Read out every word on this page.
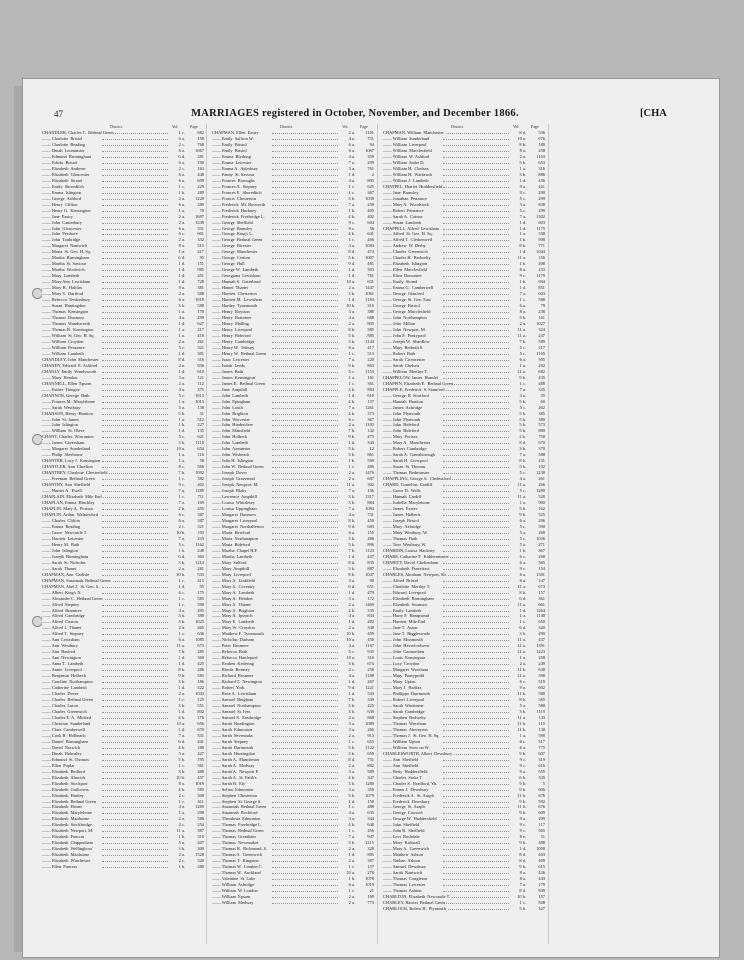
47	MARRIAGES registered in October, November, and December 1866.	[CHA
District.	Vol.	Page
CHANDLER, Charles T. Bethnal Green	1 c.	682
—— Charlotte Bristol	6 a.	158
—— Charlotte Reading	2 c.	768
—— Dinah Leominster	6 a.	1067
—— Edmund Birmingham	6 d.	281
—— Edwin Bristol	6 a.	190
—— Elizabeth Andover	2 c.	163
—— Elizabeth Gloucester	6 a.	448
—— Elizabeth Stroud	6 a.	609
—— Emily Shoreditch	1 c.	229
—— Emma Islington	1 b.	289
—— George Ashford	2 a.	1220
—— Henry Clifton	6 a.	289
—— Henry G. Kensington	1 a.	70
—— Jane Eastry	2 a.	1697
—— John Canterbury	2 a.	1249
—— John Gloucester	6 a.	531
—— John Pershore	6 c.	601
—— John Tonbridge	2 a.	332
—— Margaret Nantwich	8 a.	513
—— Maria St. Geo. H. Sq.	1 a.	417
—— Martha Birmingham	6 d.	95
—— Martha St. Saviour	1 d.	151
—— Martha Woolwich	1 d.	985
—— Mary Lambeth	1 d.	451
—— Mary Ann Lewisham	1 d.	728
—— Mary H. Halifax	9 a.	381
—— Mary S. Dartford	2 a.	588
—— Rebecca Tewkesbury	6 a.	1019
—— Susan Huntingdon	3 b.	588
—— Thomas Kensington	1 a.	170
—— Thomas Dunmow	4 a.	299
—— Thomas Wandsworth	1 d.	627
—— Thomas B. Kensington	1 a.	217
—— William St. Geo. H. Sq.	1 a.	418
—— William Croydon	2 a.	261
—— William Penzance	5 c.	321
—— William Lambeth	1 d.	301
CHANDLEY, John Manchester	8 d.	316
CHANDY, Edward E. Ashford	2 a.	936
CHANLY, Emily Wandsworth	1 d.	610
—— Mary Hendon	3 a.	121
CHANNELL, Ellen Epsom	2 a.	112
—— Esther Thingoe	4 a.	375
CHANNON, George Bath	5 c.	1013
—— Frances M. Marylebone	1 a.	1013
—— Sarah Westbury	5 a.	138
CHANSON, Henry Honiton	5 b.	31
—— John St. James	1 a.	512
—— John Islington	1 b.	227
—— William St. Olave	1 d.	135
CHANT, Charles Wincanton	5 c.	621
—— James Caversham	3 b.	1110
—— Margaret Sunderland	10 a.	654
—— Philip Sherborne	1 a.	116
CHANTER, Lucy J. Kensington	1 a.	58
CHANTLER, Ann Chorlton	8 c.	566
CHANTREY, Charlotte Chesterfield	7 b.	1092
—— Freeman Bethnal Green	1 c.	382
CHANTRY, Ann Sheffield	9 c.	402
—— Harriet A. Ewell	7 a.	1289
CHAPLAIN, Elizabeth Mile End	1 c.	711
CHAPLAN, Emma Hinckley	7 a.	169
CHAPLIN, Mary A. Portsea	2 b.	455
CHAPLIN, Arthur Walmesford	6 c.	387
—— Charles Clifton	6 a.	387
—— Emma Reading	2 c.	521
—— Grace Newcastle T.	10 b.	103
—— Harriett Leicester	7 a.	233
—— Henry M. Bath	5 c.	1162
—— John Islington	1 b.	248
—— Joseph Birmingham	6 d.	363
—— Sarah St. Nicholas	3 b.	1214
—— Sarah Thanet	2 a.	281
CHAPMAN, Ann Carlisle	10 b.	533
CHAPMAN, Susannah Bethnal Green	1 c.	413
CHAPMAN, Abel J. St. Geo. S.	1 d.	95
—— Albert King's N.	6 c.	175
—— Alexander C. Bethnal Green	1 c.	585
—— Alfred Stepney	1 c.	590
—— Alfred Braintree	4 a.	495
—— Alfred Cambridge	3 b.	388
—— Alfred Caxton	3 b.	1025
—— Alfred J. Thanet	2 a.	465
—— Alfred T. Stepney	1 c.	636
—— Ann Lewisham	6 a.	1085
—— Ann Westbury	11 a.	673
—— Ann Basford	7 b.	285
—— Ann Newington	1 d.	360
—— Anna T. Lambeth	1 d.	425
—— Annie Liverpool	8 b.	286
—— Benjamin Holbeck	9 b.	583
—— Caroline Northampton	3 b.	186
—— Catherine Lambeth	1 d.	422
—— Charles Dover	2 a.	1043
—— Charles Bethnal Green	1 c.	125
—— Charles Luton	3 b.	551
—— Charles Greenwich	1 d.	802
—— Charles E. A. Mitford	4 b.	176
—— Christian Sunderland	10 a.	656
—— Clara Camberwell	1 d.	670
—— Cook B. Holbeach	7 a.	531
—— Daniel Birmingham	6 d.	441
—— David Norwich	4 b.	180
—— Dinah Holmsley	5 a.	427
—— Edmund St. Thomas	5 b.	195
—— Ellen Poplar	1 c.	561
—— Elizabeth Bedford	3 b.	488
—— Elizabeth Alnwick	10 b.	457
—— Elizabeth Stockport	8 a.	1019
—— Elizabeth Guiltcross	4 b.	585
—— Elizabeth Hartley	2 c.	308
—— Elizabeth Bethnal Green	1 c.	611
—— Elizabeth Hoxne	4 a.	1269
—— Elizabeth Marylebone	1 a.	298
—— Elizabeth Maidstone	2 a.	586
—— Elizabeth Stockbridge	2 c.	254
—— Elizabeth Newport, M.	11 a.	387
—— Elizabeth Pancras	1 b.	310
—— Elizabeth Chippenham	5 a.	207
—— Elizabeth Wellingboro'	3 b.	309
—— Elizabeth Maidstone	2 a.	1528
—— Elizabeth Winchester	2 c.	320
—— Ellen Pancras	1 b.	280
District.	Vol.	Page
CHAPMAN, Ellen Eastry	2 a.	1101
—— Emily Saffron W.	4 a.	731
—— Emily Bristol	6 a.	94
—— Emily Bristol	6 a.	1067
—— Emma Blything	4 a.	359
—— Emma Leicester	7 a.	299
—— Emma A. Aylesbury	3 a.	761
—— Fanny St. Saviour	1 d.	2
—— Frances Boroughs	4 a.	805
—— Frances A. Stepney	1 c.	625
—— Frances E. Shoreditch	1 c.	367
—— Francis Chesterton	3 b.	1039
—— Frederick Mt. Bosworth	7 a.	259
—— Frederick Hackney	1 b.	405
—— Frederick Freebridge L.	4 b.	402
—— George Sheffield	9 c.	604
—— George Barnsley	9 c.	56
—— George King's L.	4 b.	641
—— George Bethnal Green	1 c.	466
—— George Bicester	3 a.	1084
—— George Manchester	8 d.	474
—— George Ceriton	5 b.	1007
—— George Hull	9 d.	481
—— George W. Lambeth	1 d.	303
—— Georgiana Lewisham	1 d.	761
—— Hannah S. Gateshead	10 a.	631
—— Hamet Thanet	2 a.	1447
—— Harriett Chesterton	3 b.	1061
—— Harriett M. Lewisham	1 d.	1183
—— Hartley Tynemouth	10 b.	316
—— Henry Royston	3 a.	388
—— Henry Braintree	4 a.	688
—— Henry Malling	2 a.	805
—— Henry Liverpool	8 b.	585
—— Henry Bideford	5 b.	885
—— Henry Cambridge	3 b.	1143
—— Henry W. Tetbury	6 a.	417
—— Henry W. Bethnal Green	1 c.	513
—— Isaac Leicester	7 a.	220
—— Isaiah Leeds	9 b.	863
—— James Bath	5 c.	1153
—— James Kensington	1 a.	161
—— James E. Bethnal Green	1 c.	361
—— Jane Ampthill	3 b.	883
—— John Lambeth	1 d.	610
—— John Epingham	4 b.	137
—— John Louth	7 a.	1261
—— John Brighton	2 b.	373
—— John Worcester	6 c.	367
—— John Hinderclere	2 a.	1103
—— John Mansfield	7 b.	142
—— John Holbeck	9 b.	475
—— John Lambeth	1 d.	343
—— John Axminster	5 b.	12
—— John Wisbeach	3 b.	861
—— John H. Islington	1 b.	569
—— John W. Bethnal Green	1 c.	486
—— Joseph Dover	2 a.	1476
—— Joseph Gravesend	2 a.	607
—— Joseph Newport, M.	11 a.	302
—— Joseph Blaby	7 a.	136
—— Lawrence Ampthill	3 b.	1317
—— Louisa Whittlesey	3 b.	884
—— Louisa Uppingham	7 a.	1084
—— Margaret Dunmow	4 a.	731
—— Margaret Liverpool	8 b.	450
—— Margaret Northallerton	9 d.	683
—— Maria Hereford	6 a.	155
—— Maria Northampton	3 b.	486
—— Maria Bideford	5 b.	896
—— Martha Chapel H.F.	7 b.	1123
—— Martha Lambeth	1 d.	437
—— Mary Salford	8 d.	835
—— Mary Ampthill	3 b.	887
—— Mary Liverpool	8 b.	1047
—— Mary A. Linkfield	3 a.	90
—— Mary A. Coventry	6 d.	651
—— Mary A. Lambeth	1 d.	479
—— Mary A. Hendon	3 a.	172
—— Mary A. Thanet	2 a.	1469
—— Mary A. Brighton	2 b.	335
—— Mary A. Ipswich	4 a.	844
—— Mary E. Lambeth	1 d.	482
—— Mary W. Croydon	2 a.	338
—— Matthew F. Tynemouth	10 b.	459
—— Nicholas Durham	10 a.	450
—— Peter Bosmere	4 a.	1167
—— Rebecca Bath	5 c.	935
—— Rebecca Hartlepool	10 a.	316
—— Reuben Kettering	3 b.	674
—— Rhoda Romsey	2 c.	258
—— Richard Bosmere	4 a.	1188
—— Richard T. Newington	1 d.	267
—— Robert York	9 d.	1221
—— Rose A. Lewisham	1 d.	543
—— Samuel Bingham	7 b.	339
—— Samuel Northampton	3 b.	425
—— Samuel St. Ives	3 b.	639
—— Samuel A. Eastbridge	2 a.	868
—— Sarah Headington	3 a.	1089
—— Sarah Edmonton	3 a.	266
—— Sarah Sevenoaks	2 a.	913
—— Sarah Stepney	1 c.	653
—— Sarah Dartmouth	5 b.	1122
—— Sarah Huntingdon	3 b.	659
—— Sarah A. Manchester	8 d.	751
—— Sarah A. Medway	2 a.	882
—— Sarah A. Newport P.	3 a.	589
—— Sarah A. St. Faith's	4 b.	347
—— Sarah B. Ely	3 b.	1280
—— Selina Edmonton	3 a.	350
—— Stephen Chesterton	3 b.	1079
—— Stephen St. George S.	1 d.	150
—— Susannah Bethnal Green	1 c.	488
—— Susannah Rochford	4 a.	635
—— Theodosia Edmonton	3 a.	344
—— Thomas Freebridge L.	4 b.	640
—— Thomas Bethnal Green	1 c.	456
—— Thomas Grantham	7 a.	947
—— Thomas Newmarket	3 b.	1215
—— Thomas R. Richmond, S.	2 a.	328
—— Thomas S. Greenwich	1 d.	885
—— Thomas T. Kingston	2 a.	387
—— Thomas W. London C.	1 c.	157
—— Thomas W. Auckland	10 a.	276
—— Valentine St. Luke	1 b.	1078
—— William Ashridge	6 a.	1019
—— William W. London	1 c.	21
—— William Epsom	2 a.	169
—— William Medway	2 a.	773
District.	Vol.	Page
CHAPMAN, William Manchester	8 d.	536
—— William Sunderland	10 a.	676
—— William Liverpool	8 b.	180
—— William Macclesfield	8 a.	258
—— William W. Ashford	2 a.	1163
—— William Stoke D.	5 b.	653
—— William H. Chelsea	1 a.	316
—— William H. Warbeach	3 b.	886
—— William J. Lambeth	1 d.	436
CHAPPEL, Harriet Huddersfield	9 a.	421
—— Jane Barnsley	9 c.	200
—— Jonathan Penzance	5 c.	299
—— Mary A. Woodstock	3 a.	838
—— Robert Penzance	5 c.	299
—— Sarah A. Caistor	7 a.	1302
—— Susan Lambeth	1 d.	603
CHAPPELL, Alfred Lewisham	1 d.	1175
—— Alfred St. Geo. H. Sq.	1 a.	338
—— Alfred T. Clerkenwell	1 b.	908
—— Andrew W. Derby	8 b.	771
—— Charles Greenwich	1 d.	1044
—— Charles H. Bedwelty	11 a.	156
—— Elizabeth Islington	1 b.	408
—— Ellen Macclesfield	8 a.	233
—— Eliza Doncaster	9 c.	1179
—— Emily Strand	1 b.	694
—— Emma G. Camberwell	1 d.	851
—— George Glanford	7 a.	603
—— George St. Geo. East	1 c.	588
—— George Bristol	6 a.	79
—— George Macclesfield	8 a.	238
—— John Northampton	3 b.	161
—— John Milton	2 a.	1027
—— John Newport, M.	11 a.	324
—— John F. Pontypool	11 a.	247
—— Joseph W. Shardlow	7 b.	589
—— Mary Redruth S.	5 c.	217
—— Robert Bath	5 c.	1165
—— Sarah Cirencester	6 a.	505
—— Sarah Chelsea	1 a.	202
—— William Merthyr T.	11 a.	682
CHAPPELOW, James Hunslet	9 b.	435
CHAPPIN, Elizabeth E. Bethnal Green	1 c.	488
CHAPPLE, Frederick S. Stamford	7 a.	335
—— George B. Stortford	3 a.	35
—— Hannah Honiton	5 b.	60
—— James Axbridge	5 c.	462
—— John Plymouth	5 b.	385
—— John Plymouth	5 b.	380
—— John Bideford	5 b.	573
—— John Bideford	5 b.	880
—— Mary Portsea	2 b.	758
—— Mary A. Manchester	8 d.	670
—— Robert Cambridge	3 b.	370
—— Sarah A. Gainsborough	7 a.	588
—— Sarah H. Liverpool	8 b.	231
—— Susan St. Thomas	5 b.	102
—— Thomas Bedminster	5 c.	1238
CHAPPLING, George A. Chelmsford	4 a.	261
CHARD, Cornelius Cardiff	11 a.	266
—— Grace D. Wells	5 c.	1280
—— Hannah Cardiff	11 a.	328
—— Isabella Marylebone	1 a.	960
—— James Exeter	5 b.	162
—— James Holbeck	9 b.	525
—— Joseph Bristol	6 a.	206
—— Mary Axbridge	5 c.	590
—— Mary Westbury, W.	5 a.	269
—— Thomas Bath	5 c.	1036
—— Tom Westbury, W.	5 a.	271
CHARDIN, Louisa Hackney	1 b.	367
CHARE, Catharine F. Kidderminster	6 c.	268
CHARITY, David Cheltenham	6 a.	565
—— Elizabeth Pontefract	9 c.	154
CHARLES, Abraham Newport, Sh.	6 a.	1301
—— Alfred Bristol	6 a.	147
—— Charlotte Merthyr T.	11 a.	673
—— Edward Liverpool	8 b.	157
—— Elizabeth Birmingham	6 d.	361
—— Elizabeth Swansea	11 a.	661
—— Emily Lambeth	1 d.	1264
—— Harry F. Hampstead	1 a.	1140
—— Harriett Mile End	1 c.	650
—— Jane T. Aston	6 d.	320
—— Jane T. Biggleswade	3 b.	490
—— John Monmouth	11 a.	437
—— John Haverfordwest	11 a.	1391
—— John Carmarthen	11 a.	1223
—— Louis Kensington	1 a.	258
—— Lucy Croydon	2 a.	249
—— Margaret Wrexham	11 b.	638
—— Mary Pontypridd	11 a.	398
—— Mary Upton	6 c.	519
—— Mary J. Halifax	9 a.	602
—— Phillippa Dartmouth	11 b.	580
—— Robert Liverpool	8 b.	565
—— Sarah Wimborne	5 a.	580
—— Sarah Cambridge	3 b.	1119
—— Stephen Bedwelty	11 a.	143
—— Thomas Wrexham	11 b.	115
—— Thomas Aberayron	11 b.	130
—— Thomas J. St. Geo. H. Sq.	1 a.	599
—— William Upton	6 c.	517
—— William Stow on W.	6 a.	775
CHARLESWORTH, Albert Dewsbury	9 b.	607
—— Ann Sheffield	9 c.	319
—— Ann Sheffield	9 c.	616
—— Betty Huddersfield	9 a.	555
—— Charles Stoke T.	6 b.	335
—— Charles S. Bradford, Yk.	9 b.	5
—— Emma J. Dewsbury	9 b.	606
—— Frederick A. St. Asaph	11 b.	676
—— Frederick Dewsbury	9 b.	592
—— George St. Asaph	11 b.	676
—— George Cawood	9 b.	609
—— George W. Huddersfield	9 a.	209
—— John Sheffield	9 c.	117
—— John R. Sheffield	9 c.	565
—— Levi Rochdale	8 e.	11
—— Mary Kirkstall	9 b.	488
—— Mary A. Greenwich	1 d.	1058
—— Matthew Ashton	8 d.	403
—— Nathan Ashton	8 d.	409
—— Samuel Dewsbury	9 b.	615
—— Sarah Nantwich	8 a.	436
—— Thomas Congleton	8 a.	443
—— Thomas Leicester	7 a.	179
—— Thomas Ashton	8 d.	849
CHARLTON, Elizabeth Newcastle T.	10 b.	157
CHARLEY, Harriet Bethnal Green	1 c.	508
CHARLOCK, Robert H. Plymouth	5 b.	327
